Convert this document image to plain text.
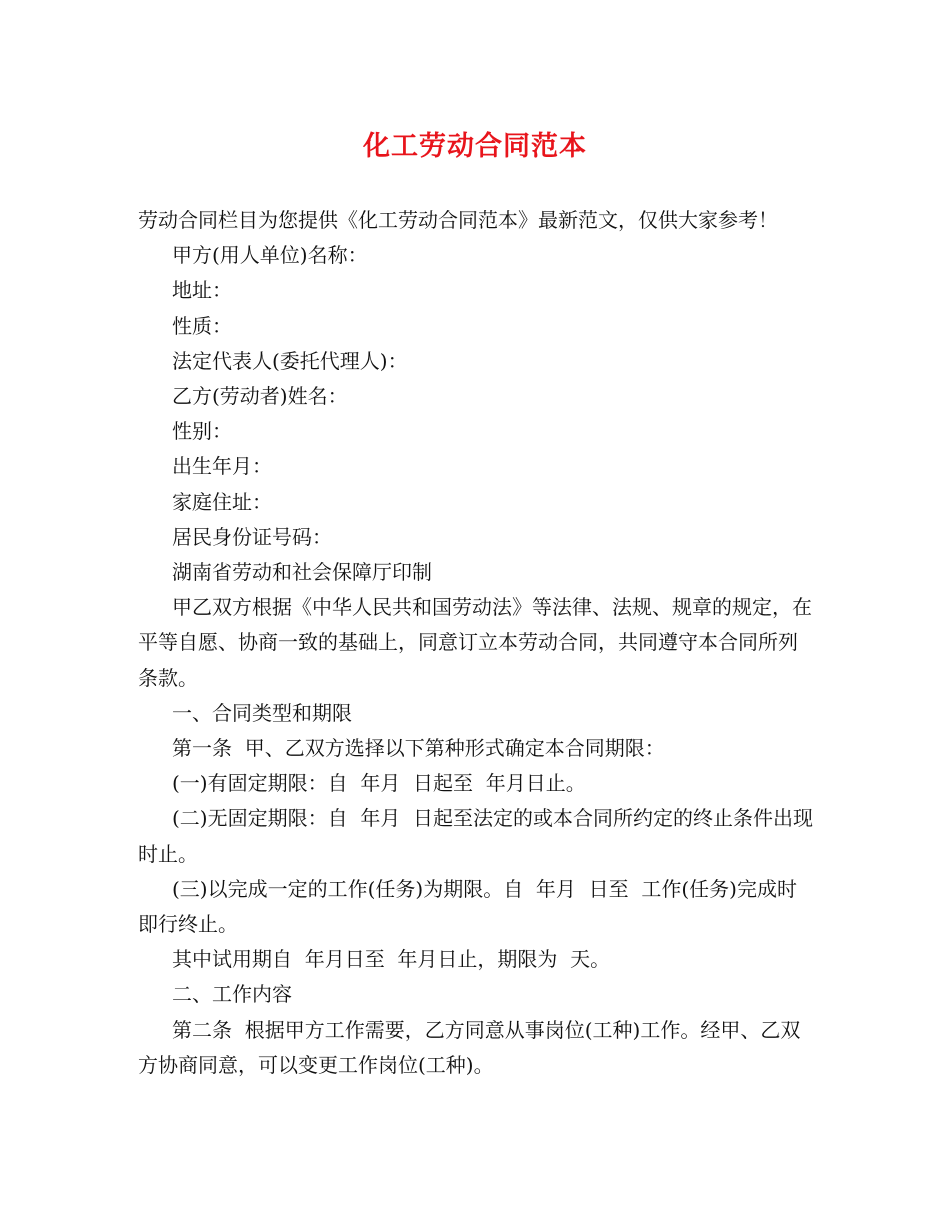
化工劳动合同范本

劳动合同栏目为您提供《化工劳动合同范本》最新范文，仅供大家参考！

甲方(用人单位)名称：

地址：

性质：

法定代表人(委托代理人)：

乙方(劳动者)姓名：

性别：

出生年月：

家庭住址：

居民身份证号码：

湖南省劳动和社会保障厅印制

甲乙双方根据《中华人民共和国劳动法》等法律、法规、规章的规定，在平等自愿、协商一致的基础上，同意订立本劳动合同，共同遵守本合同所列条款。

一、合同类型和期限

第一条  甲、乙双方选择以下第种形式确定本合同期限：

(一)有固定期限：自  年月  日起至  年月日止。

(二)无固定期限：自  年月  日起至法定的或本合同所约定的终止条件出现时止。

(三)以完成一定的工作(任务)为期限。自  年月  日至  工作(任务)完成时即行终止。

其中试用期自  年月日至  年月日止，期限为  天。

二、工作内容

第二条  根据甲方工作需要，乙方同意从事岗位(工种)工作。经甲、乙双方协商同意，可以变更工作岗位(工种)。
